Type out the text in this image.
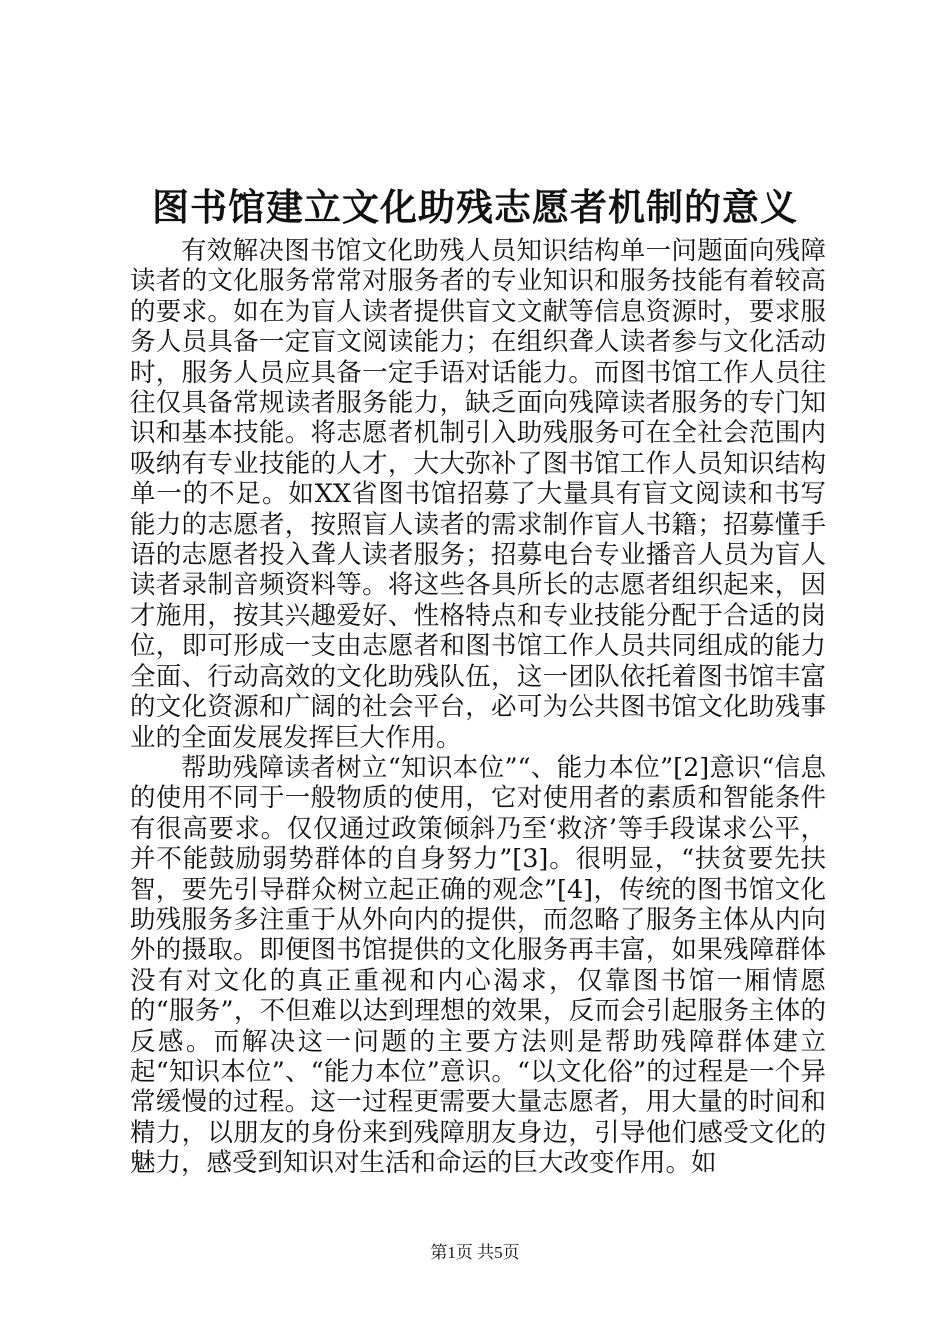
图书馆建立文化助残志愿者机制的意义

有效解决图书馆文化助残人员知识结构单一问题面向残障读者的文化服务常常对服务者的专业知识和服务技能有着较高的要求。如在为盲人读者提供盲文文献等信息资源时，要求服务人员具备一定盲文阅读能力；在组织聋人读者参与文化活动时，服务人员应具备一定手语对话能力。而图书馆工作人员往往仅具备常规读者服务能力，缺乏面向残障读者服务的专门知识和基本技能。将志愿者机制引入助残服务可在全社会范围内吸纳有专业技能的人才，大大弥补了图书馆工作人员知识结构单一的不足。如XX省图书馆招募了大量具有盲文阅读和书写能力的志愿者，按照盲人读者的需求制作盲人书籍；招募懂手语的志愿者投入聋人读者服务；招募电台专业播音人员为盲人读者录制音频资料等。将这些各具所长的志愿者组织起来，因才施用，按其兴趣爱好、性格特点和专业技能分配于合适的岗位，即可形成一支由志愿者和图书馆工作人员共同组成的能力全面、行动高效的文化助残队伍，这一团队依托着图书馆丰富的文化资源和广阔的社会平台，必可为公共图书馆文化助残事业的全面发展发挥巨大作用。

帮助残障读者树立“知识本位”“、能力本位”[2]意识“信息的使用不同于一般物质的使用，它对使用者的素质和智能条件有很高要求。仅仅通过政策倾斜乃至‘救济’等手段谋求公平，并不能鼓励弱势群体的自身努力”[3]。很明显，“扶贫要先扶智，要先引导群众树立起正确的观念”[4]，传统的图书馆文化助残服务多注重于从外向内的提供，而忽略了服务主体从内向外的摄取。即便图书馆提供的文化服务再丰富，如果残障群体没有对文化的真正重视和内心渴求，仅靠图书馆一厢情愿的“服务”，不但难以达到理想的效果，反而会引起服务主体的反感。而解决这一问题的主要方法则是帮助残障群体建立起“知识本位”、“能力本位”意识。“以文化俗”的过程是一个异常缓慢的过程。这一过程更需要大量志愿者，用大量的时间和精力，以朋友的身份来到残障朋友身边，引导他们感受文化的魅力，感受到知识对生活和命运的巨大改变作用。如

第1页 共5页
